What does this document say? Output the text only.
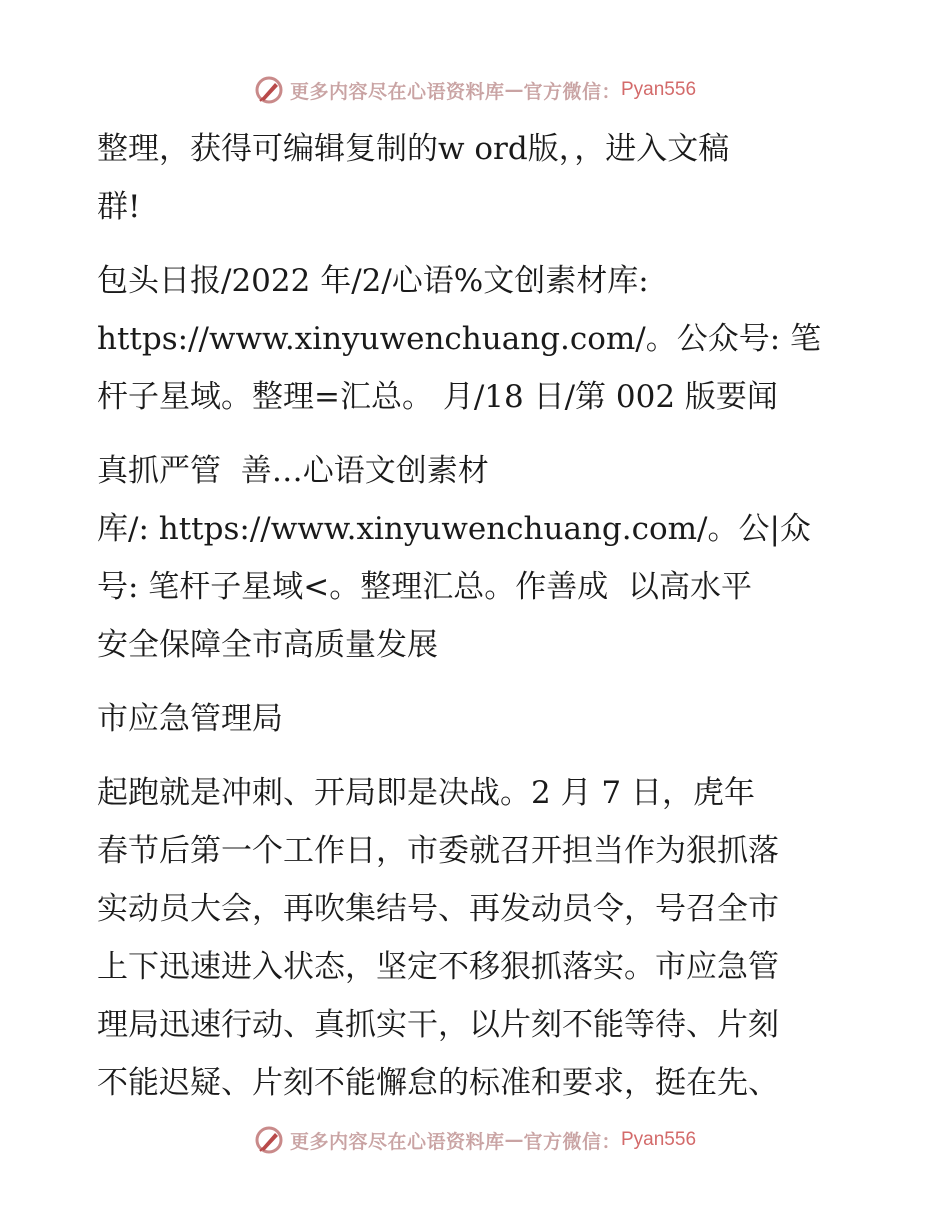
更多内容尽在心语资料库 — 官方微信： Pyan556
整理，获得可编辑复制的w ord版，，进入文稿
群!
包头日报/2022 年/2/心语%文创素材库:
https://www.xinyuwenchuang.com/。公众号: 笔
杆子星域。整理=汇总。 月/18 日/第 002 版要闻
真抓严管  善…心语文创素材
库/: https://www.xinyuwenchuang.com/。公|众
号: 笔杆子星域<。整理汇总。作善成  以高水平
安全保障全市高质量发展
市应急管理局
起跑就是冲刺、开局即是决战。2 月 7 日，虎年
春节后第一个工作日，市委就召开担当作为狠抓落
实动员大会，再吹集结号、再发动员令，号召全市
上下迅速进入状态，坚定不移狠抓落实。市应急管
理局迅速行动、真抓实干，以片刻不能等待、片刻
不能迟疑、片刻不能懈怠的标准和要求，挺在先、
更多内容尽在心语资料库 — 官方微信： Pyan556
